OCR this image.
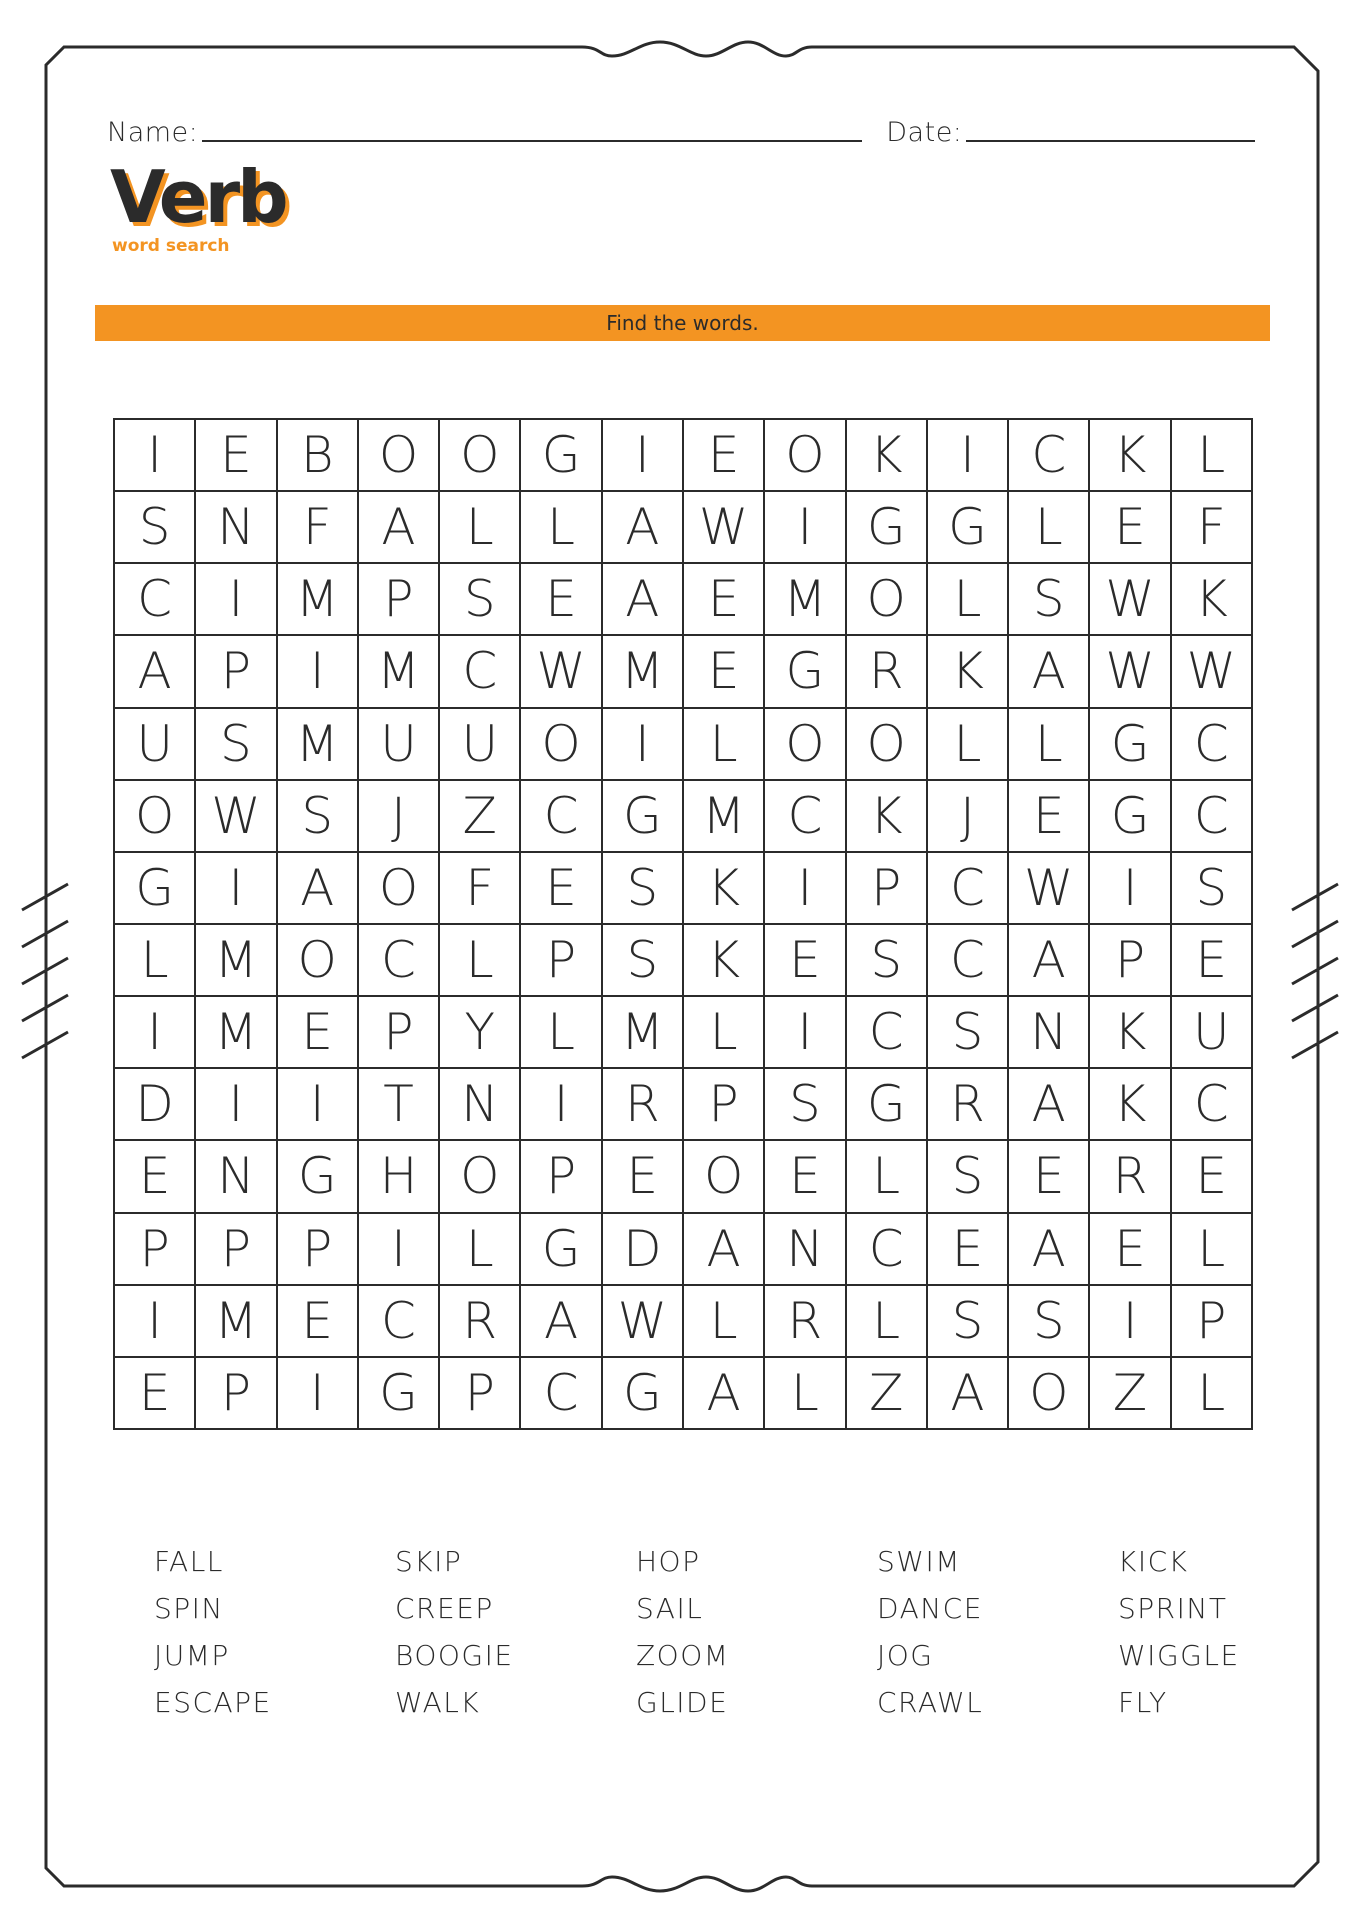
Name:	Date:
Verb
word search
Find the words.
I	E B O O G	I	E O K	I	C K	L
S N F A	L	L	A W I	G G L	E	F
C	I	M P	S E A E M O L	S W K
A P	I	M C W M E G R K A W W
U S M U U O	I	L O O L	L G C
O W S	J	Z C G M C K	J	E G C
G	I	A O F	E S K	I	P C W I	S
L M O C L	P	S K E S C A P	E
I	M E	P	Y	L M L	I	C S N K U
D	I	I	T N	I	R P	S G R A K C
E N G H O P	E O E	L	S E R E
P	P	P	I	L G D A N C E A E	L
I	M E C R A W L R L	S S	I	P
E	P	I	G P C G A	L	Z A O Z	L
FALL	SKIP	HOP	SWIM	KICK
SPIN	CREEP	SAIL	DANCE	SPRINT
JUMP	BOOGIE	ZOOM	JOG	WIGGLE
ESCAPE	WALK	GLIDE	CRAWL	FLY
